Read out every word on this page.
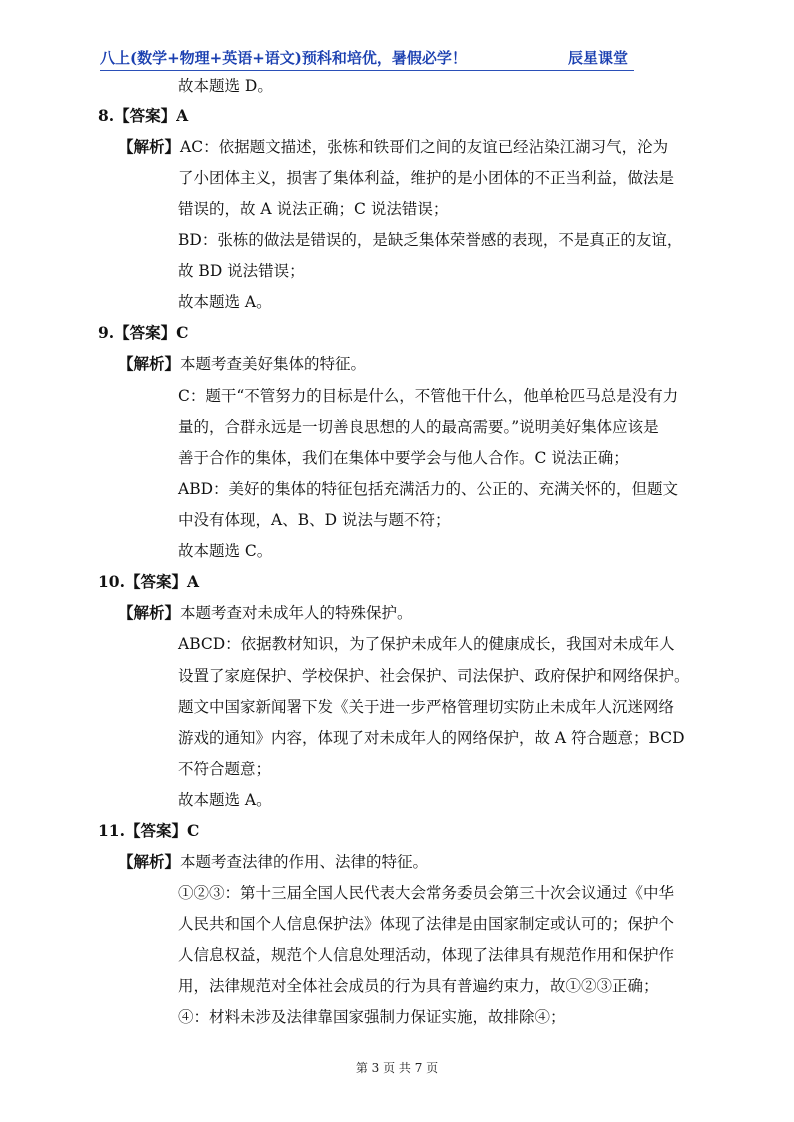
八上(数学+物理+英语+语文)预科和培优，暑假必学！	辰星课堂
故本题选 D。
8.【答案】A
【解析】AC：依据题文描述，张栋和铁哥们之间的友谊已经沾染江湖习气，沦为
了小团体主义，损害了集体利益，维护的是小团体的不正当利益，做法是
错误的，故 A 说法正确；C 说法错误；
BD：张栋的做法是错误的，是缺乏集体荣誉感的表现，不是真正的友谊，
故 BD 说法错误；
故本题选 A。
9.【答案】C
【解析】本题考查美好集体的特征。
C：题干“不管努力的目标是什么，不管他干什么，他单枪匹马总是没有力
量的，合群永远是一切善良思想的人的最高需要。”说明美好集体应该是
善于合作的集体，我们在集体中要学会与他人合作。C 说法正确；
ABD：美好的集体的特征包括充满活力的、公正的、充满关怀的，但题文
中没有体现，A、B、D 说法与题不符；
故本题选 C。
10.【答案】A
【解析】本题考查对未成年人的特殊保护。
ABCD：依据教材知识，为了保护未成年人的健康成长，我国对未成年人
设置了家庭保护、学校保护、社会保护、司法保护、政府保护和网络保护。
题文中国家新闻署下发《关于进一步严格管理切实防止未成年人沉迷网络
游戏的通知》内容，体现了对未成年人的网络保护，故 A 符合题意；BCD
不符合题意；
故本题选 A。
11.【答案】C
【解析】本题考查法律的作用、法律的特征。
①②③：第十三届全国人民代表大会常务委员会第三十次会议通过《中华
人民共和国个人信息保护法》体现了法律是由国家制定或认可的；保护个
人信息权益，规范个人信息处理活动，体现了法律具有规范作用和保护作
用，法律规范对全体社会成员的行为具有普遍约束力，故①②③正确；
④：材料未涉及法律靠国家强制力保证实施，故排除④；
第 3 页 共 7 页
